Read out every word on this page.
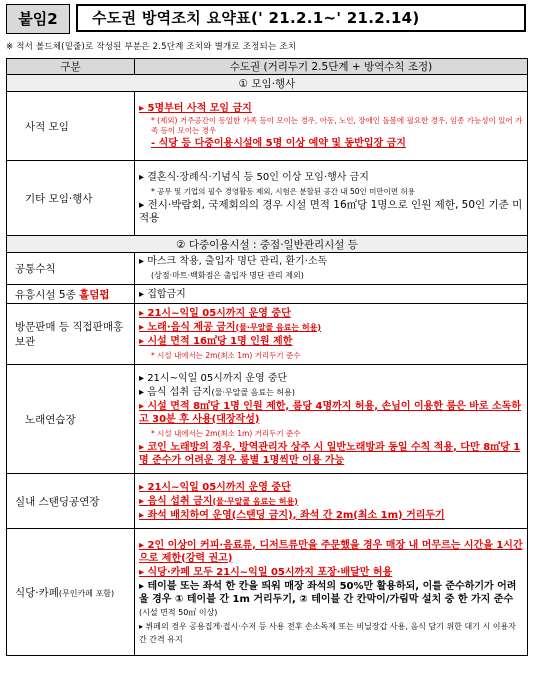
붙임2	수도권 방역조치 요약표(' 21.2.1~' 21.2.14)
※ 적서 볼드체(밑줄)로 작성된 부분은 2.5단계 조치와 별개로 조정되는 조치
구분	수도권 (거리두기 2.5단계 + 방역수칙 조정)
① 모임·행사	
사적 모임	▸ 5명부터 사적 모임 금지
* (제외) 거주공간이 동일한 가족 등이 모이는 경우, 아동, 노인, 장애인 돌봄에 필요한 경우, 임종 가능성이 있어 가족 등이 모이는 경우
- 식당 등 다중이용시설에 5명 이상 예약 및 동반입장 금지

기타 모임·행사	▸ 결혼식·장례식·기념식 등 50인 이상 모임·행사 금지
* 공무 및 기업의 필수 경영활동 제외, 시험은 분할된 공간 내 50인 미만이면 허용
▸ 전시·박람회, 국제회의의 경우 시설 면적 16㎡당 1명으로 인원 제한, 50인 기준 미적용

② 다중이용시설 : 중점·일반관리시설 등	
공통수칙	▸ 마스크 착용, 출입자 명단 관리, 환기·소독
(상점·마트·백화점은 출입자 명단 관리 제외)

유흥시설 5종 홀덤펍	▸ 집합금지

방문판매 등 직접판매홍보관	▸ 21시~익일 05시까지 운영 중단
▸ 노래·음식 제공 금지(물·무알콜 음료는 허용)
▸ 시설 면적 16㎡당 1명 인원 제한
* 시설 내에서는 2m(최소 1m) 거리두기 준수

노래연습장	▸ 21시~익일 05시까지 운영 중단
▸ 음식 섭취 금지(물·무알콜 음료는 허용)
▸ 시설 면적 8㎡당 1명 인원 제한, 룸당 4명까지 허용, 손님이 이용한 룸은 바로 소독하고 30분 후 사용(대장작성)
* 시설 내에서는 2m(최소 1m) 거리두기 준수
▸ 코인 노래방의 경우, 방역관리자 상주 시 일반노래방과 동일 수칙 적용, 다만 8㎡당 1명 준수가 어려운 경우 룸별 1명씩만 이용 가능

실내 스탠딩공연장	▸ 21시~익일 05시까지 운영 중단
▸ 음식 섭취 금지(물·무알콜 음료는 허용)
▸ 좌석 배치하여 운영(스탠딩 금지), 좌석 간 2m(최소 1m) 거리두기

식당·카페(무인카페 포함)	▸ 2인 이상이 커피·음료류, 디저트류만을 주문했을 경우 매장 내 머무르는 시간을 1시간으로 제한(강력 권고)
▸ 식당·카페 모두 21시~익일 05시까지 포장·배달만 허용
▸ 테이블 또는 좌석 한 칸을 띄워 매장 좌석의 50%만 활용하되, 이를 준수하기가 어려울 경우 ① 테이블 간 1m 거리두기, ② 테이블 간 칸막이/가림막 설치 중 한 가지 준수(시설 면적 50㎡ 이상)
▸ 뷔페의 경우 공용집게·접시·수저 등 사용 전후 손소독제 또는 비닐장갑 사용, 음식 담기 위한 대기 시 이용자 간 간격 유지
